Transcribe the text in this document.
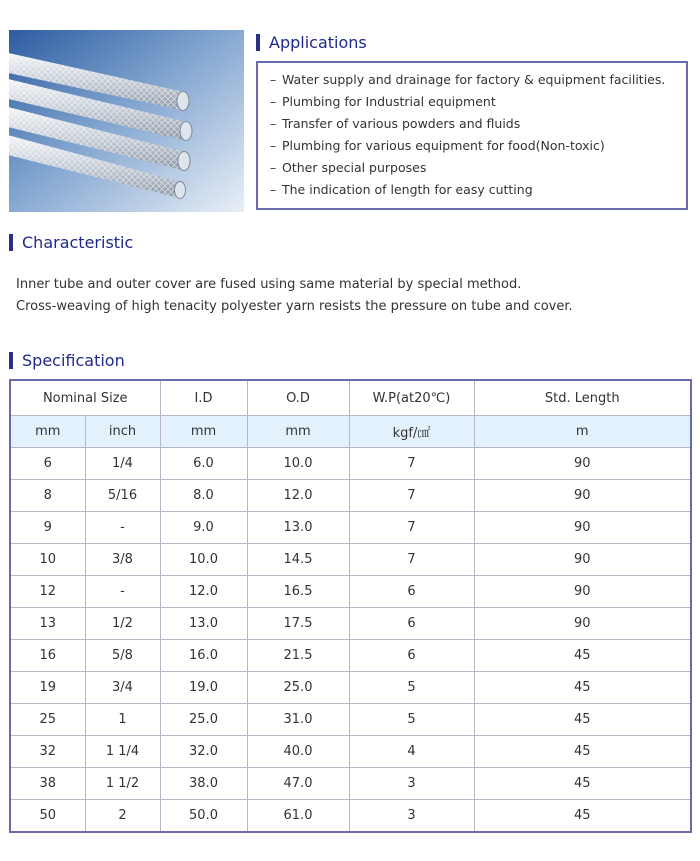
Applications
– Water supply and drainage for factory & equipment facilities.
– Plumbing for Industrial equipment
– Transfer of various powders and fluids
– Plumbing for various equipment for food(Non-toxic)
– Other special purposes
– The indication of length for easy cutting
Characteristic
Inner tube and outer cover are fused using same material by special method.
Cross-weaving of high tenacity polyester yarn resists the pressure on tube and cover.
Specification
Nominal Size		I.D	O.D	W.P(at20℃)	Std. Length
mm	inch	mm	mm	kgf/㎠	m
6	1/4	6.0	10.0	7	90
8	5/16	8.0	12.0	7	90
9	-	9.0	13.0	7	90
10	3/8	10.0	14.5	7	90
12	-	12.0	16.5	6	90
13	1/2	13.0	17.5	6	90
16	5/8	16.0	21.5	6	45
19	3/4	19.0	25.0	5	45
25	1	25.0	31.0	5	45
32	1 1/4	32.0	40.0	4	45
38	1 1/2	38.0	47.0	3	45
50	2	50.0	61.0	3	45
